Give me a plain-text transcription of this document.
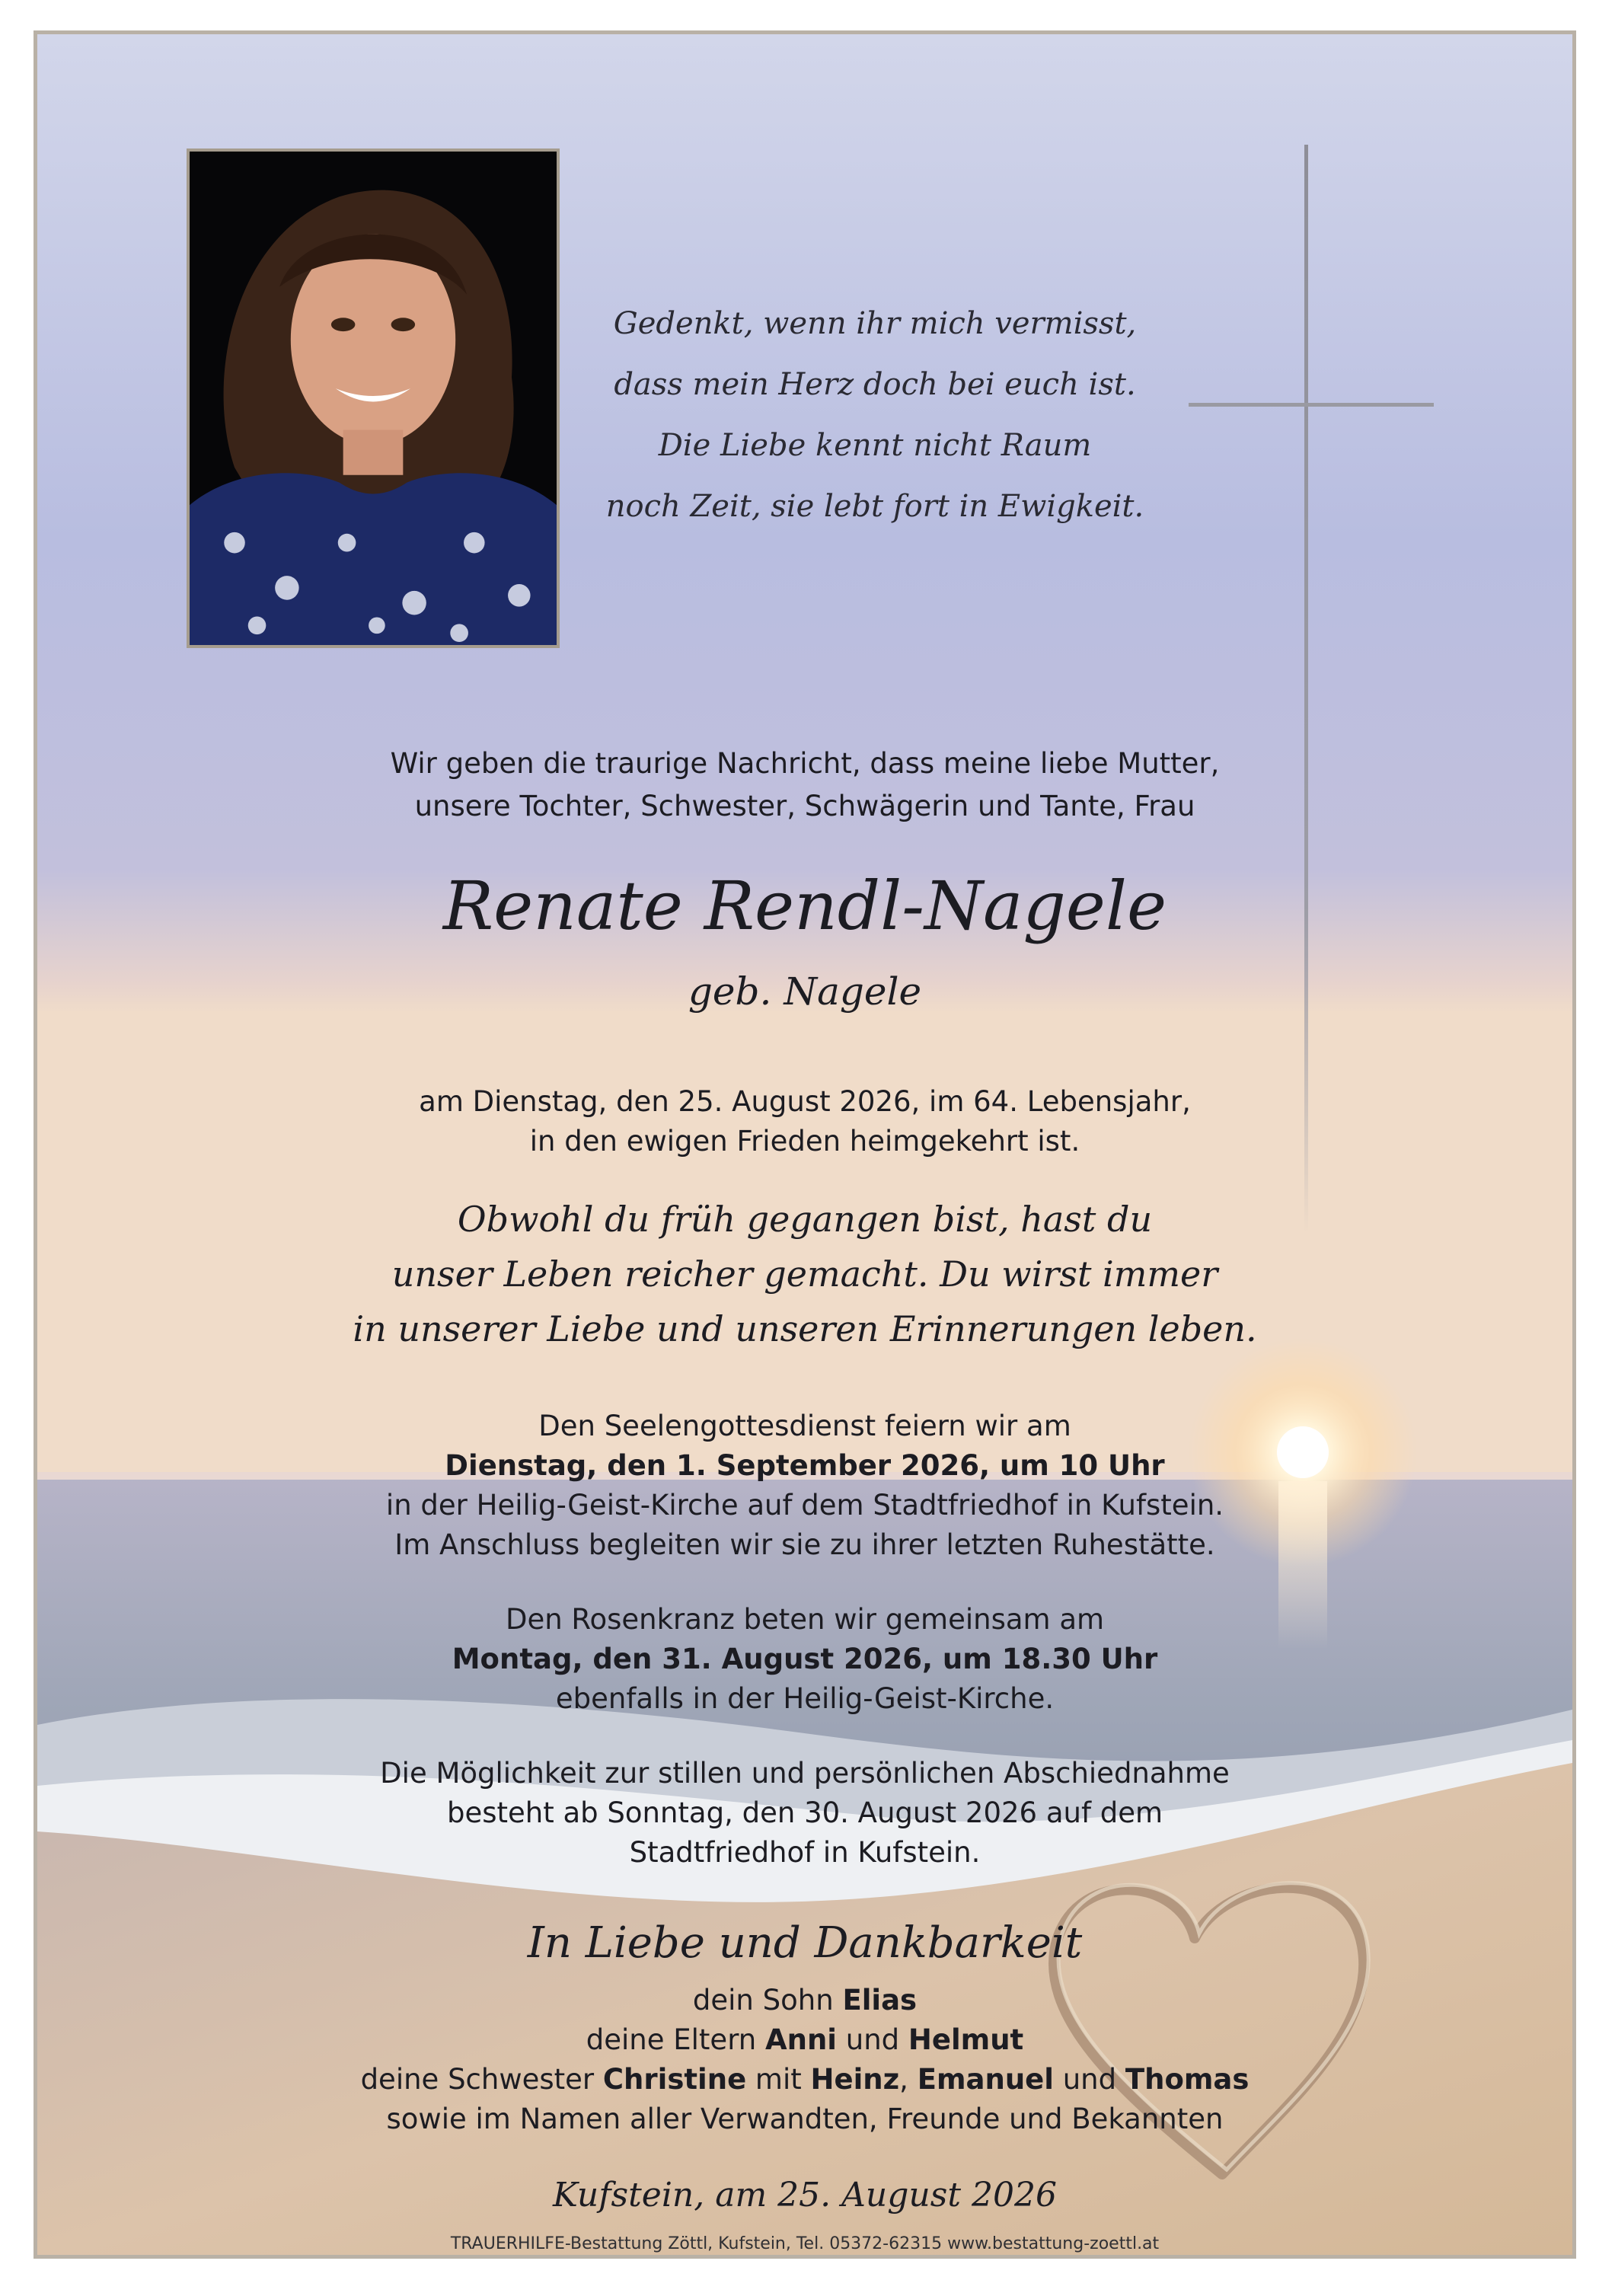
Gedenkt, wenn ihr mich vermisst,
dass mein Herz doch bei euch ist.
Die Liebe kennt nicht Raum
noch Zeit, sie lebt fort in Ewigkeit.
Wir geben die traurige Nachricht, dass meine liebe Mutter,
unsere Tochter, Schwester, Schwägerin und Tante, Frau
Renate Rendl-Nagele
geb. Nagele
am Dienstag, den 25. August 2026, im 64. Lebensjahr,
in den ewigen Frieden heimgekehrt ist.
Obwohl du früh gegangen bist, hast du
unser Leben reicher gemacht. Du wirst immer
in unserer Liebe und unseren Erinnerungen leben.
Den Seelengottesdienst feiern wir am
Dienstag, den 1. September 2026, um 10 Uhr
in der Heilig-Geist-Kirche auf dem Stadtfriedhof in Kufstein.
Im Anschluss begleiten wir sie zu ihrer letzten Ruhestätte.
Den Rosenkranz beten wir gemeinsam am
Montag, den 31. August 2026, um 18.30 Uhr
ebenfalls in der Heilig-Geist-Kirche.
Die Möglichkeit zur stillen und persönlichen Abschiednahme
besteht ab Sonntag, den 30. August 2026 auf dem
Stadtfriedhof in Kufstein.
In Liebe und Dankbarkeit
dein Sohn Elias
deine Eltern Anni und Helmut
deine Schwester Christine mit Heinz, Emanuel und Thomas
sowie im Namen aller Verwandten, Freunde und Bekannten
Kufstein, am 25. August 2026
TRAUERHILFE-Bestattung Zöttl, Kufstein, Tel. 05372-62315 www.bestattung-zoettl.at
